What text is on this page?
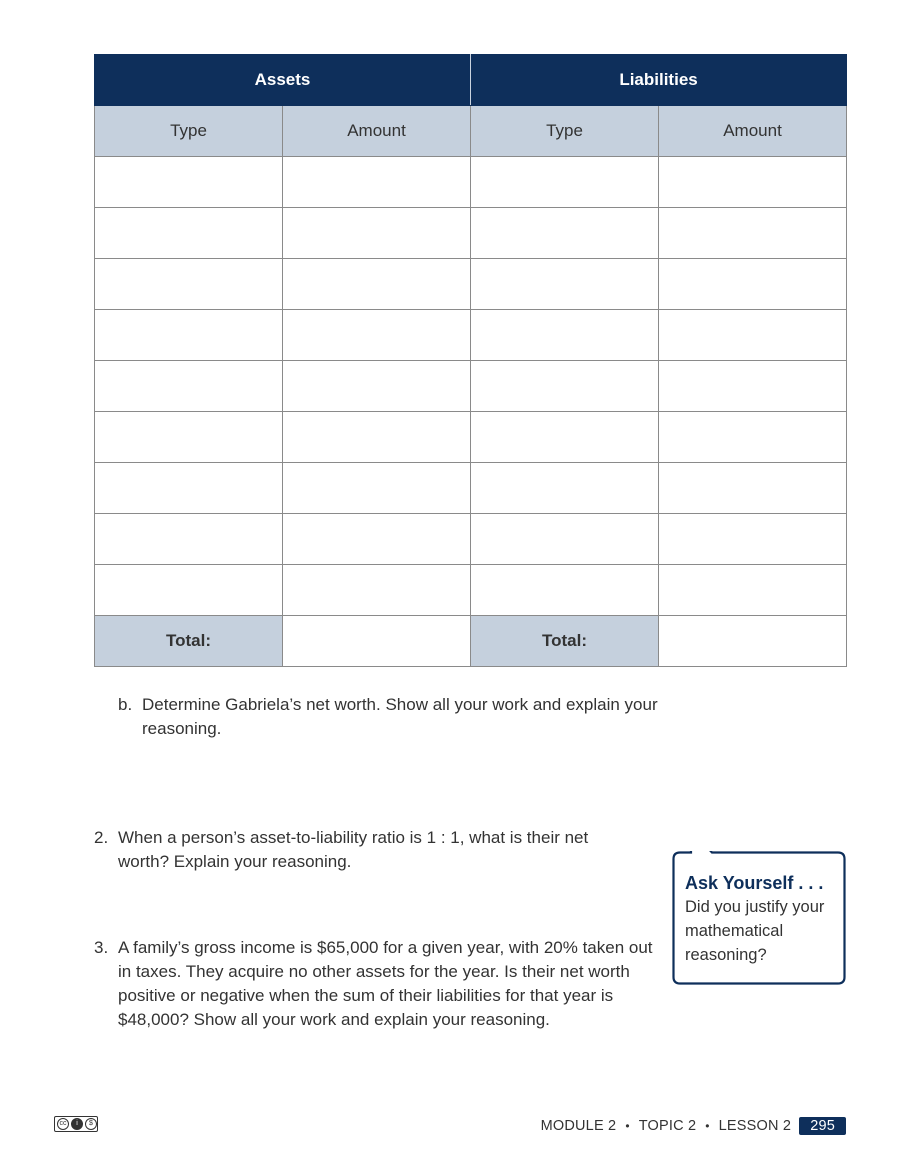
Assets		Liabilities	
Type	Amount	Type	Amount

Total:		Total:	
b. Determine Gabriela’s net worth. Show all your work and explain your reasoning.
2. When a person’s asset-to-liability ratio is 1 : 1, what is their net worth? Explain your reasoning.
3. A family’s gross income is $65,000 for a given year, with 20% taken out in taxes. They acquire no other assets for the year. Is their net worth positive or negative when the sum of their liabilities for that year is $48,000? Show all your work and explain your reasoning.
Ask Yourself . . .
Did you justify your mathematical reasoning?
cc	i	$	MODULE 2 • TOPIC 2 • LESSON 2	295
